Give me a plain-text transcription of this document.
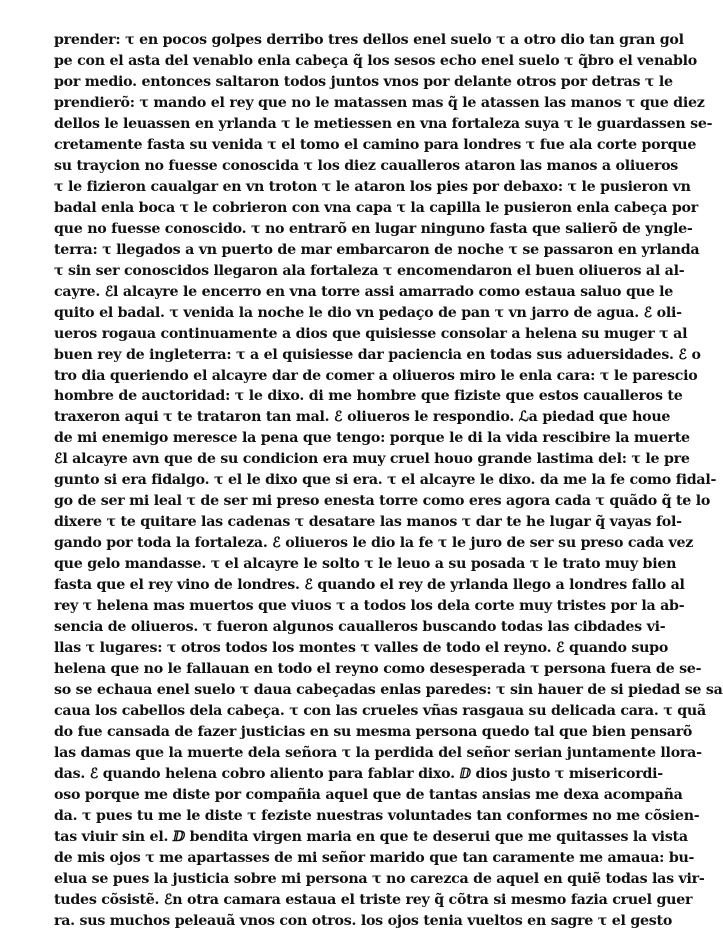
prender: τ en pocos golpes derribo tres dellos enel suelo τ a otro dio tan gran gol
pe con el asta del venablo enla cabeça q̃ los sesos echo enel suelo τ q̃bro el venablo
por medio. entonces saltaron todos juntos vnos por delante otros por detras τ le
prendierõ: τ mando el rey que no le matassen mas q̃ le atassen las manos τ que diez
dellos le leuassen en yrlanda τ le metiessen en vna fortaleza suya τ le guardassen se-
cretamente fasta su venida τ el tomo el camino para londres τ fue ala corte porque
su traycion no fuesse conoscida τ los diez caualleros ataron las manos a oliueros
τ le fizieron caualgar en vn troton τ le ataron los pies por debaxo: τ le pusieron vn
badal enla boca τ le cobrieron con vna capa τ la capilla le pusieron enla cabeça por
que no fuesse conoscido. τ no entrarõ en lugar ninguno fasta que salierõ de yngle-
terra: τ llegados a vn puerto de mar embarcaron de noche τ se passaron en yrlanda
τ sin ser conoscidos llegaron ala fortaleza τ encomendaron el buen oliueros al al-
cayre. ℰl alcayre le encerro en vna torre assi amarrado como estaua saluo que le
quito el badal. τ venida la noche le dio vn pedaço de pan τ vn jarro de agua. ℰ oli-
ueros rogaua continuamente a dios que quisiesse consolar a helena su muger τ al
buen rey de ingleterra: τ a el quisiesse dar paciencia en todas sus aduersidades. ℰ o
tro dia queriendo el alcayre dar de comer a oliueros miro le enla cara: τ le parescio
hombre de auctoridad: τ le dixo. di me hombre que fiziste que estos caualleros te
traxeron aqui τ te trataron tan mal. ℰ oliueros le respondio. ℒa piedad que houe
de mi enemigo meresce la pena que tengo: porque le di la vida rescibire la muerte
ℰl alcayre avn que de su condicion era muy cruel houo grande lastima del: τ le pre
gunto si era fidalgo. τ el le dixo que si era. τ el alcayre le dixo. da me la fe como fidal-
go de ser mi leal τ de ser mi preso enesta torre como eres agora cada τ quãdo q̃ te lo
dixere τ te quitare las cadenas τ desatare las manos τ dar te he lugar q̃ vayas fol-
gando por toda la fortaleza. ℰ oliueros le dio la fe τ le juro de ser su preso cada vez
que gelo mandasse. τ el alcayre le solto τ le leuo a su posada τ le trato muy bien
fasta que el rey vino de londres. ℰ quando el rey de yrlanda llego a londres fallo al
rey τ helena mas muertos que viuos τ a todos los dela corte muy tristes por la ab-
sencia de oliueros. τ fueron algunos caualleros buscando todas las cibdades vi-
llas τ lugares: τ otros todos los montes τ valles de todo el reyno. ℰ quando supo
helena que no le fallauan en todo el reyno como desesperada τ persona fuera de se-
so se echaua enel suelo τ daua cabeçadas enlas paredes: τ sin hauer de si piedad se sa
caua los cabellos dela cabeça. τ con las crueles vñas rasgaua su delicada cara. τ quã
do fue cansada de fazer justicias en su mesma persona quedo tal que bien pensarõ
las damas que la muerte dela señora τ la perdida del señor serian juntamente llora-
das. ℰ quando helena cobro aliento para fablar dixo. ⅅ dios justo τ misericordi-
oso porque me diste por compañia aquel que de tantas ansias me dexa acompaña
da. τ pues tu me le diste τ feziste nuestras voluntades tan conformes no me cõsien-
tas viuir sin el. ⅅ bendita virgen maria en que te deserui que me quitasses la vista
de mis ojos τ me apartasses de mi señor marido que tan caramente me amaua: bu-
elua se pues la justicia sobre mi persona τ no carezca de aquel en quiẽ todas las vir-
tudes cõsistẽ. ℰn otra camara estaua el triste rey q̃ cõtra si mesmo fazia cruel guer
ra. sus muchos peleauã vnos con otros. los ojos tenia vueltos en sagre τ el gesto
